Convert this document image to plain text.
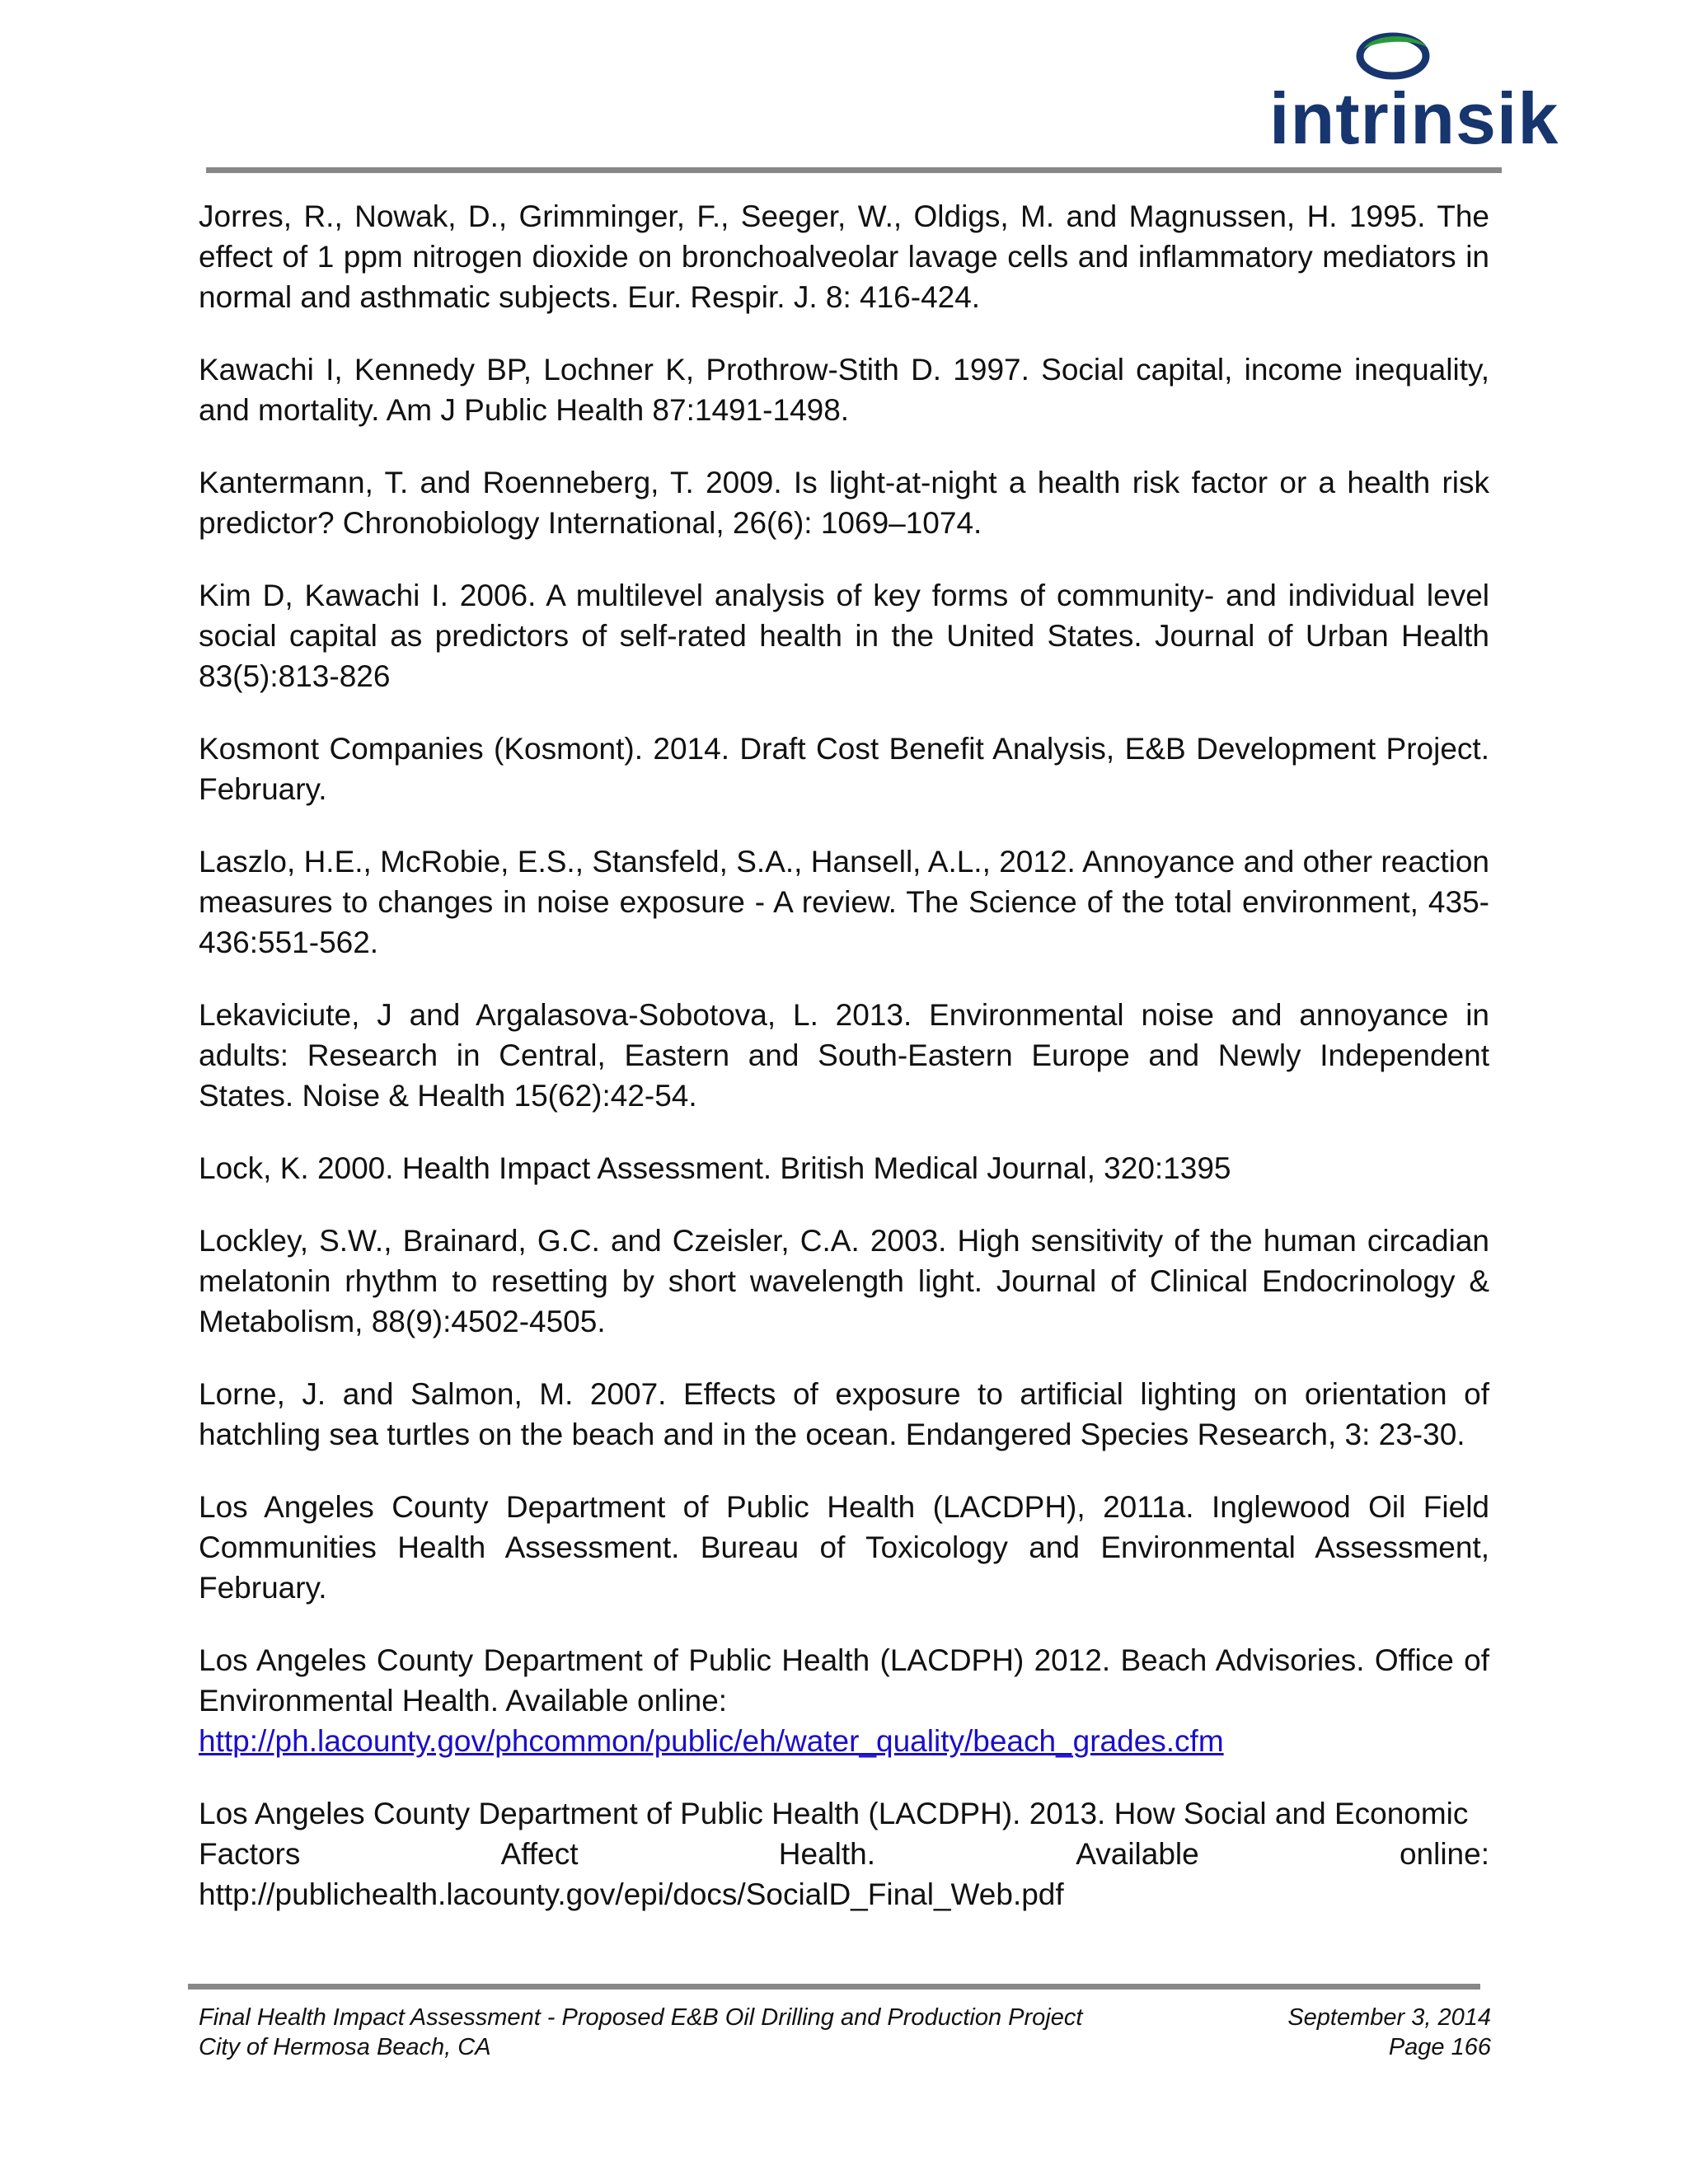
intrinsik

Jorres, R., Nowak, D., Grimminger, F., Seeger, W., Oldigs, M. and Magnussen, H. 1995. The effect of 1 ppm nitrogen dioxide on bronchoalveolar lavage cells and inflammatory mediators in normal and asthmatic subjects. Eur. Respir. J. 8: 416-424.

Kawachi I, Kennedy BP, Lochner K, Prothrow-Stith D. 1997. Social capital, income inequality, and mortality. Am J Public Health 87:1491-1498.

Kantermann, T. and Roenneberg, T. 2009. Is light-at-night a health risk factor or a health risk predictor? Chronobiology International, 26(6): 1069–1074.

Kim D, Kawachi I. 2006. A multilevel analysis of key forms of community- and individual level social capital as predictors of self-rated health in the United States. Journal of Urban Health 83(5):813-826

Kosmont Companies (Kosmont). 2014. Draft Cost Benefit Analysis, E&B Development Project. February.

Laszlo, H.E., McRobie, E.S., Stansfeld, S.A., Hansell, A.L., 2012. Annoyance and other reaction measures to changes in noise exposure - A review. The Science of the total environment, 435-436:551-562.

Lekaviciute, J and Argalasova‑Sobotova, L. 2013. Environmental noise and annoyance in adults: Research in Central, Eastern and South-Eastern Europe and Newly Independent States. Noise & Health 15(62):42-54.

Lock, K. 2000. Health Impact Assessment. British Medical Journal, 320:1395

Lockley, S.W., Brainard, G.C. and Czeisler, C.A. 2003. High sensitivity of the human circadian melatonin rhythm to resetting by short wavelength light. Journal of Clinical Endocrinology & Metabolism, 88(9):4502-4505.

Lorne, J. and Salmon, M. 2007. Effects of exposure to artificial lighting on orientation of hatchling sea turtles on the beach and in the ocean. Endangered Species Research, 3: 23-30.

Los Angeles County Department of Public Health (LACDPH), 2011a. Inglewood Oil Field Communities Health Assessment. Bureau of Toxicology and Environmental Assessment, February.

Los Angeles County Department of Public Health (LACDPH) 2012. Beach Advisories. Office of Environmental Health. Available online:
http://ph.lacounty.gov/phcommon/public/eh/water_quality/beach_grades.cfm
Los Angeles County Department of Public Health (LACDPH). 2013. How Social and Economic
Factors	Affect	Health.	Available	online:
http://publichealth.lacounty.gov/epi/docs/SocialD_Final_Web.pdf
Final Health Impact Assessment - Proposed E&B Oil Drilling and Production Project	September 3, 2014
City of Hermosa Beach, CA	Page 166
